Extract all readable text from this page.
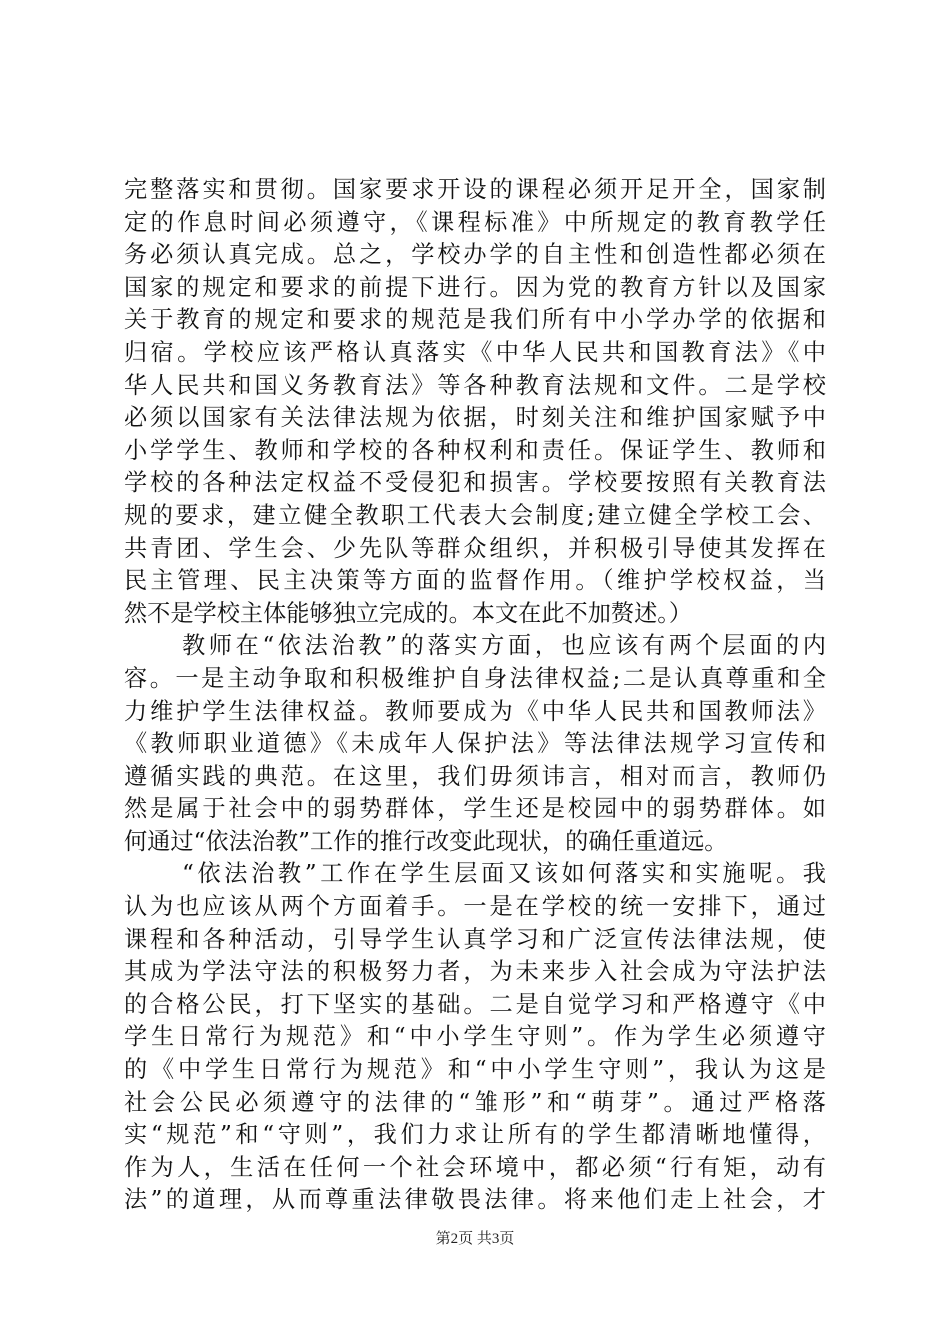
完整落实和贯彻。国家要求开设的课程必须开足开全，国家制
定的作息时间必须遵守，《课程标准》中所规定的教育教学任
务必须认真完成。总之，学校办学的自主性和创造性都必须在
国家的规定和要求的前提下进行。因为党的教育方针以及国家
关于教育的规定和要求的规范是我们所有中小学办学的依据和
归宿。学校应该严格认真落实《中华人民共和国教育法》《中
华人民共和国义务教育法》等各种教育法规和文件。二是学校
必须以国家有关法律法规为依据，时刻关注和维护国家赋予中
小学学生、教师和学校的各种权利和责任。保证学生、教师和
学校的各种法定权益不受侵犯和损害。学校要按照有关教育法
规的要求，建立健全教职工代表大会制度;建立健全学校工会、
共青团、学生会、少先队等群众组织，并积极引导使其发挥在
民主管理、民主决策等方面的监督作用。（维护学校权益，当
然不是学校主体能够独立完成的。本文在此不加赘述。）
教师在“依法治教”的落实方面，也应该有两个层面的内
容。一是主动争取和积极维护自身法律权益;二是认真尊重和全
力维护学生法律权益。教师要成为《中华人民共和国教师法》
《教师职业道德》《未成年人保护法》等法律法规学习宣传和
遵循实践的典范。在这里，我们毋须讳言，相对而言，教师仍
然是属于社会中的弱势群体，学生还是校园中的弱势群体。如
何通过“依法治教”工作的推行改变此现状，的确任重道远。
“依法治教”工作在学生层面又该如何落实和实施呢。我
认为也应该从两个方面着手。一是在学校的统一安排下，通过
课程和各种活动，引导学生认真学习和广泛宣传法律法规，使
其成为学法守法的积极努力者，为未来步入社会成为守法护法
的合格公民，打下坚实的基础。二是自觉学习和严格遵守《中
学生日常行为规范》和“中小学生守则”。作为学生必须遵守
的《中学生日常行为规范》和“中小学生守则”，我认为这是
社会公民必须遵守的法律的“雏形”和“萌芽”。通过严格落
实“规范”和“守则”，我们力求让所有的学生都清晰地懂得，
作为人，生活在任何一个社会环境中，都必须“行有矩，动有
法”的道理，从而尊重法律敬畏法律。将来他们走上社会，才
第2页 共3页
